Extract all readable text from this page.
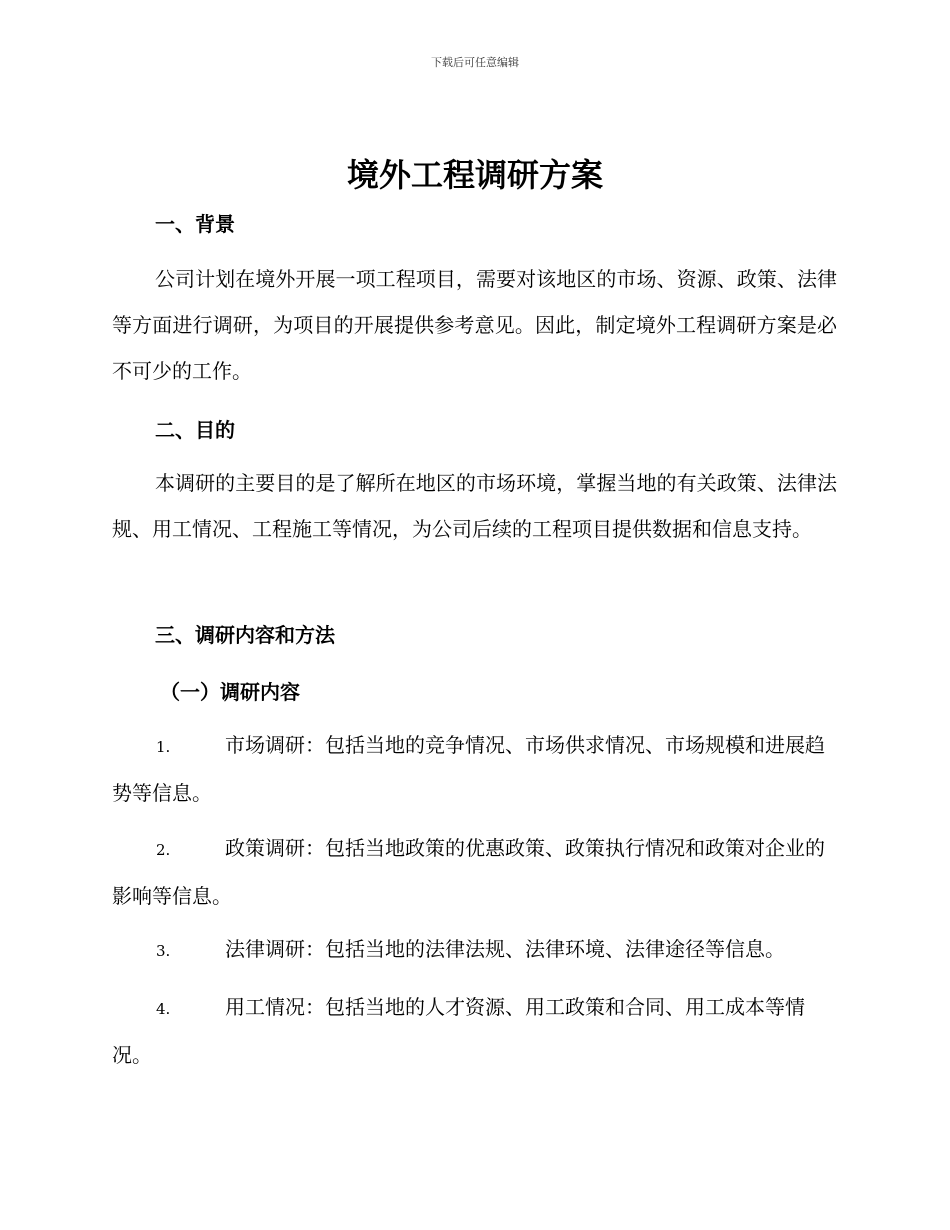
下载后可任意编辑
境外工程调研方案
一、背景
公司计划在境外开展一项工程项目，需要对该地区的市场、资源、政策、法律等方面进行调研，为项目的开展提供参考意见。因此，制定境外工程调研方案是必不可少的工作。
二、目的
本调研的主要目的是了解所在地区的市场环境，掌握当地的有关政策、法律法规、用工情况、工程施工等情况，为公司后续的工程项目提供数据和信息支持。
三、调研内容和方法
（一）调研内容
1.	市场调研：包括当地的竞争情况、市场供求情况、市场规模和进展趋势等信息。
2.	政策调研：包括当地政策的优惠政策、政策执行情况和政策对企业的影响等信息。
3.	法律调研：包括当地的法律法规、法律环境、法律途径等信息。
4.	用工情况：包括当地的人才资源、用工政策和合同、用工成本等情况。
